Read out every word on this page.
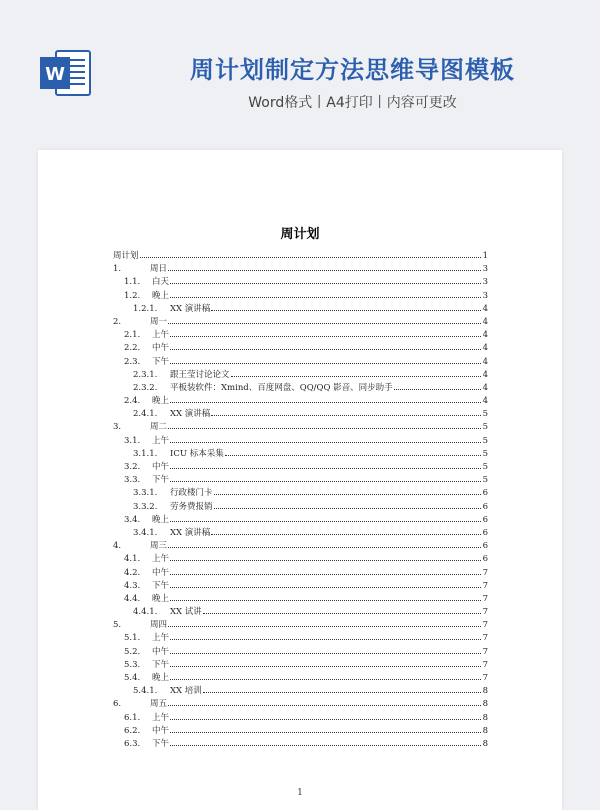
W	周计划制定方法思维导图模板
Word格式丨A4打印丨内容可更改
周计划
周计划	1
1.	周日	3
1.1.	白天	3
1.2.	晚上	3
1.2.1.	XX 演讲稿	4
2.	周一	4
2.1.	上午	4
2.2.	中午	4
2.3.	下午	4
2.3.1.	跟王莹讨论论文	4
2.3.2.	平板装软件：Xmind、百度网盘、QQ/QQ 影音、同步助手	4
2.4.	晚上	4
2.4.1.	XX 演讲稿	5
3.	周二	5
3.1.	上午	5
3.1.1.	ICU 标本采集	5
3.2.	中午	5
3.3.	下午	5
3.3.1.	行政楼门卡	6
3.3.2.	劳务费报销	6
3.4.	晚上	6
3.4.1.	XX 演讲稿	6
4.	周三	6
4.1.	上午	6
4.2.	中午	7
4.3.	下午	7
4.4.	晚上	7
4.4.1.	XX 试讲	7
5.	周四	7
5.1.	上午	7
5.2.	中午	7
5.3.	下午	7
5.4.	晚上	7
5.4.1.	XX 培训	8
6.	周五	8
6.1.	上午	8
6.2.	中午	8
6.3.	下午	8
1
